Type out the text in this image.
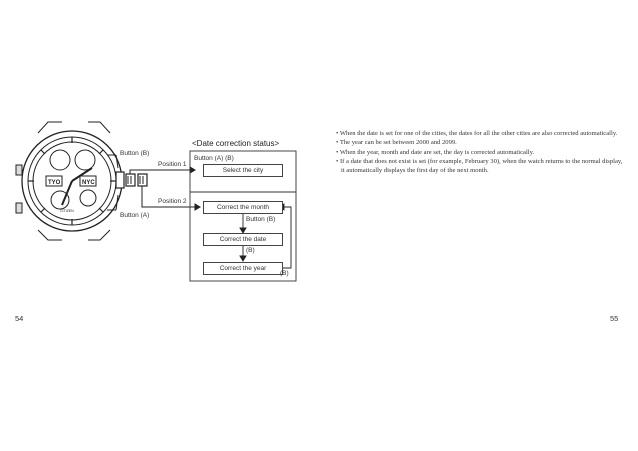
TYO	NYC
CITIZEN
Button (B)
Button (A)
Position 1
Position 2
<Date correction status>
Button (A) (B)
Select the city
Correct the month
Button (B)
Correct the date
(B)
Correct the year
(B)

• When the date is set for one of the cities, the dates for all the other cities are also corrected automatically.

• The year can be set between 2000 and 2099.

• When the year, month and date are set, the day is corrected automatically.

• If a date that does not exist is set (for example, February 30), when the watch returns to the normal display, it automatically displays the first day of the next month.

54	55
